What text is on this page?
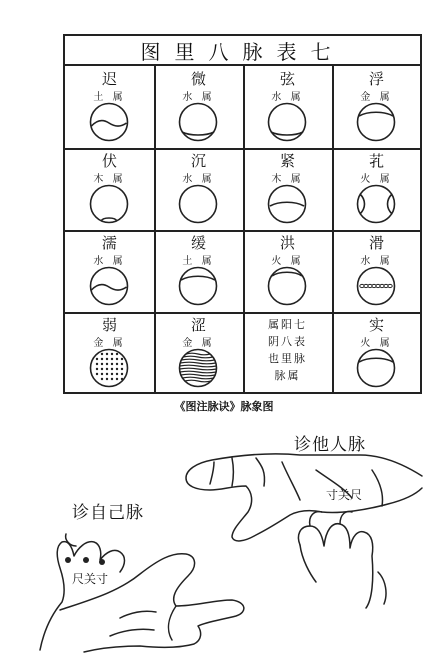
图里八脉表七
迟
土 属
微
水 属
弦
水 属
浮
金 属
伏
木 属
沉
水 属
紧
木 属
芤
火 属
濡
水 属
缓
土 属
洪
火 属
滑
水 属
弱
金 属
涩
金 属
属阳七
阴八表
也里脉
脉属
实
火 属
《图注脉诀》脉象图
诊他人脉
寸关尺
诊自己脉
尺关寸
